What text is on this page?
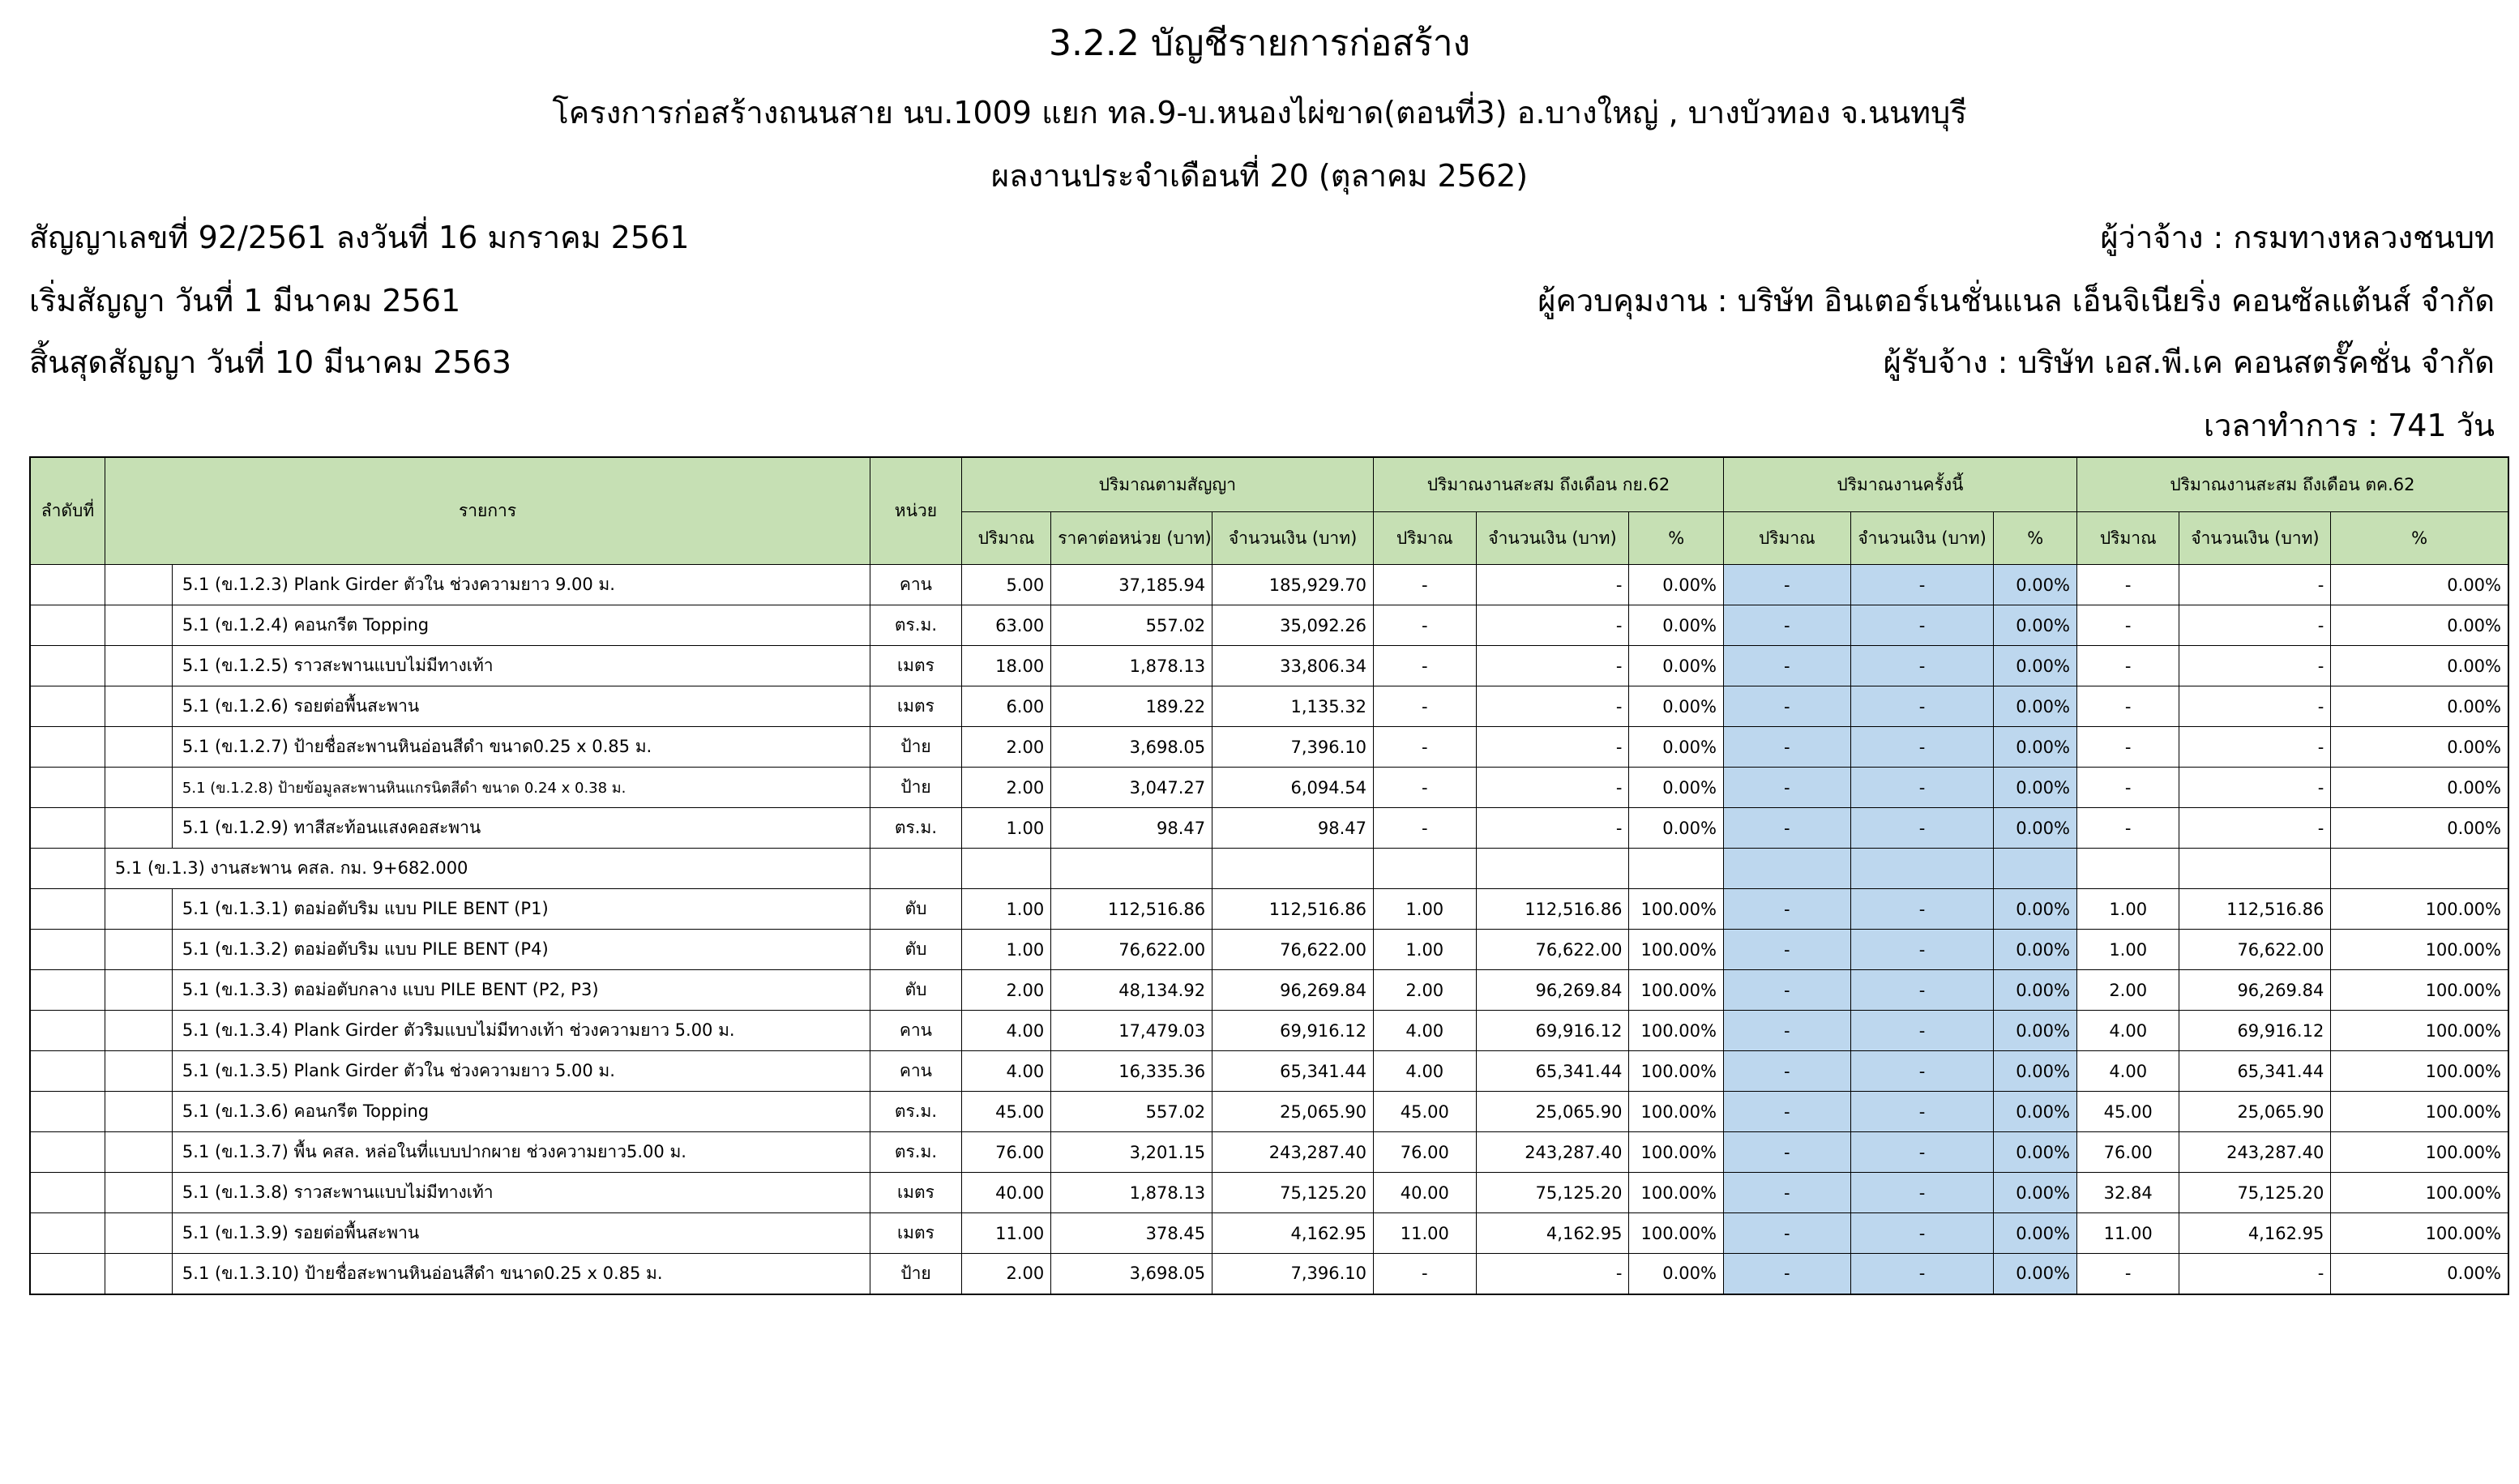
3.2.2 บัญชีรายการก่อสร้าง
โครงการก่อสร้างถนนสาย นบ.1009 แยก ทล.9-บ.หนองไผ่ขาด(ตอนที่3) อ.บางใหญ่ , บางบัวทอง จ.นนทบุรี
ผลงานประจำเดือนที่ 20 (ตุลาคม 2562)
สัญญาเลขที่ 92/2561 ลงวันที่ 16 มกราคม 2561
เริ่มสัญญา วันที่ 1 มีนาคม 2561
สิ้นสุดสัญญา วันที่ 10 มีนาคม 2563
ผู้ว่าจ้าง : กรมทางหลวงชนบท
ผู้ควบคุมงาน : บริษัท อินเตอร์เนชั่นแนล เอ็นจิเนียริ่ง คอนซัลแต้นส์ จำกัด
ผู้รับจ้าง : บริษัท เอส.พี.เค คอนสตรั๊คชั่น จำกัด
เวลาทำการ : 741 วัน
ลำดับที่	รายการ	หน่วย	ปริมาณตามสัญญา			ปริมาณงานสะสม ถึงเดือน กย.62			ปริมาณงานครั้งนี้			ปริมาณงานสะสม ถึงเดือน ตค.62		
			ปริมาณ	ราคาต่อหน่วย (บาท)	จำนวนเงิน (บาท)	ปริมาณ	จำนวนเงิน (บาท)	%	ปริมาณ	จำนวนเงิน (บาท)	%	ปริมาณ	จำนวนเงิน (บาท)	%
	5.1 (ข.1.2.3) Plank Girder ตัวใน ช่วงความยาว 9.00 ม.	คาน	5.00	37,185.94	185,929.70	-	-	0.00%	-	-	0.00%	-	-	0.00%
	5.1 (ข.1.2.4) คอนกรีต Topping	ตร.ม.	63.00	557.02	35,092.26	-	-	0.00%	-	-	0.00%	-	-	0.00%
	5.1 (ข.1.2.5) ราวสะพานแบบไม่มีทางเท้า	เมตร	18.00	1,878.13	33,806.34	-	-	0.00%	-	-	0.00%	-	-	0.00%
	5.1 (ข.1.2.6) รอยต่อพื้นสะพาน	เมตร	6.00	189.22	1,135.32	-	-	0.00%	-	-	0.00%	-	-	0.00%
	5.1 (ข.1.2.7) ป้ายชื่อสะพานหินอ่อนสีดำ ขนาด0.25 x 0.85 ม.	ป้าย	2.00	3,698.05	7,396.10	-	-	0.00%	-	-	0.00%	-	-	0.00%
	5.1 (ข.1.2.8) ป้ายข้อมูลสะพานหินแกรนิตสีดำ ขนาด 0.24 x 0.38 ม.	ป้าย	2.00	3,047.27	6,094.54	-	-	0.00%	-	-	0.00%	-	-	0.00%
	5.1 (ข.1.2.9) ทาสีสะท้อนแสงคอสะพาน	ตร.ม.	1.00	98.47	98.47	-	-	0.00%	-	-	0.00%	-	-	0.00%
	5.1 (ข.1.3) งานสะพาน คสล. กม. 9+682.000													
	5.1 (ข.1.3.1) ตอม่อตับริม แบบ PILE BENT (P1)	ตับ	1.00	112,516.86	112,516.86	1.00	112,516.86	100.00%	-	-	0.00%	1.00	112,516.86	100.00%
	5.1 (ข.1.3.2) ตอม่อตับริม แบบ PILE BENT (P4)	ตับ	1.00	76,622.00	76,622.00	1.00	76,622.00	100.00%	-	-	0.00%	1.00	76,622.00	100.00%
	5.1 (ข.1.3.3) ตอม่อตับกลาง แบบ PILE BENT (P2, P3)	ตับ	2.00	48,134.92	96,269.84	2.00	96,269.84	100.00%	-	-	0.00%	2.00	96,269.84	100.00%
	5.1 (ข.1.3.4) Plank Girder ตัวริมแบบไม่มีทางเท้า ช่วงความยาว 5.00 ม.	คาน	4.00	17,479.03	69,916.12	4.00	69,916.12	100.00%	-	-	0.00%	4.00	69,916.12	100.00%
	5.1 (ข.1.3.5) Plank Girder ตัวใน ช่วงความยาว 5.00 ม.	คาน	4.00	16,335.36	65,341.44	4.00	65,341.44	100.00%	-	-	0.00%	4.00	65,341.44	100.00%
	5.1 (ข.1.3.6) คอนกรีต Topping	ตร.ม.	45.00	557.02	25,065.90	45.00	25,065.90	100.00%	-	-	0.00%	45.00	25,065.90	100.00%
	5.1 (ข.1.3.7) พื้น คสล. หล่อในที่แบบปากผาย ช่วงความยาว5.00 ม.	ตร.ม.	76.00	3,201.15	243,287.40	76.00	243,287.40	100.00%	-	-	0.00%	76.00	243,287.40	100.00%
	5.1 (ข.1.3.8) ราวสะพานแบบไม่มีทางเท้า	เมตร	40.00	1,878.13	75,125.20	40.00	75,125.20	100.00%	-	-	0.00%	32.84	75,125.20	100.00%
	5.1 (ข.1.3.9) รอยต่อพื้นสะพาน	เมตร	11.00	378.45	4,162.95	11.00	4,162.95	100.00%	-	-	0.00%	11.00	4,162.95	100.00%
	5.1 (ข.1.3.10) ป้ายชื่อสะพานหินอ่อนสีดำ ขนาด0.25 x 0.85 ม.	ป้าย	2.00	3,698.05	7,396.10	-	-	0.00%	-	-	0.00%	-	-	0.00%
